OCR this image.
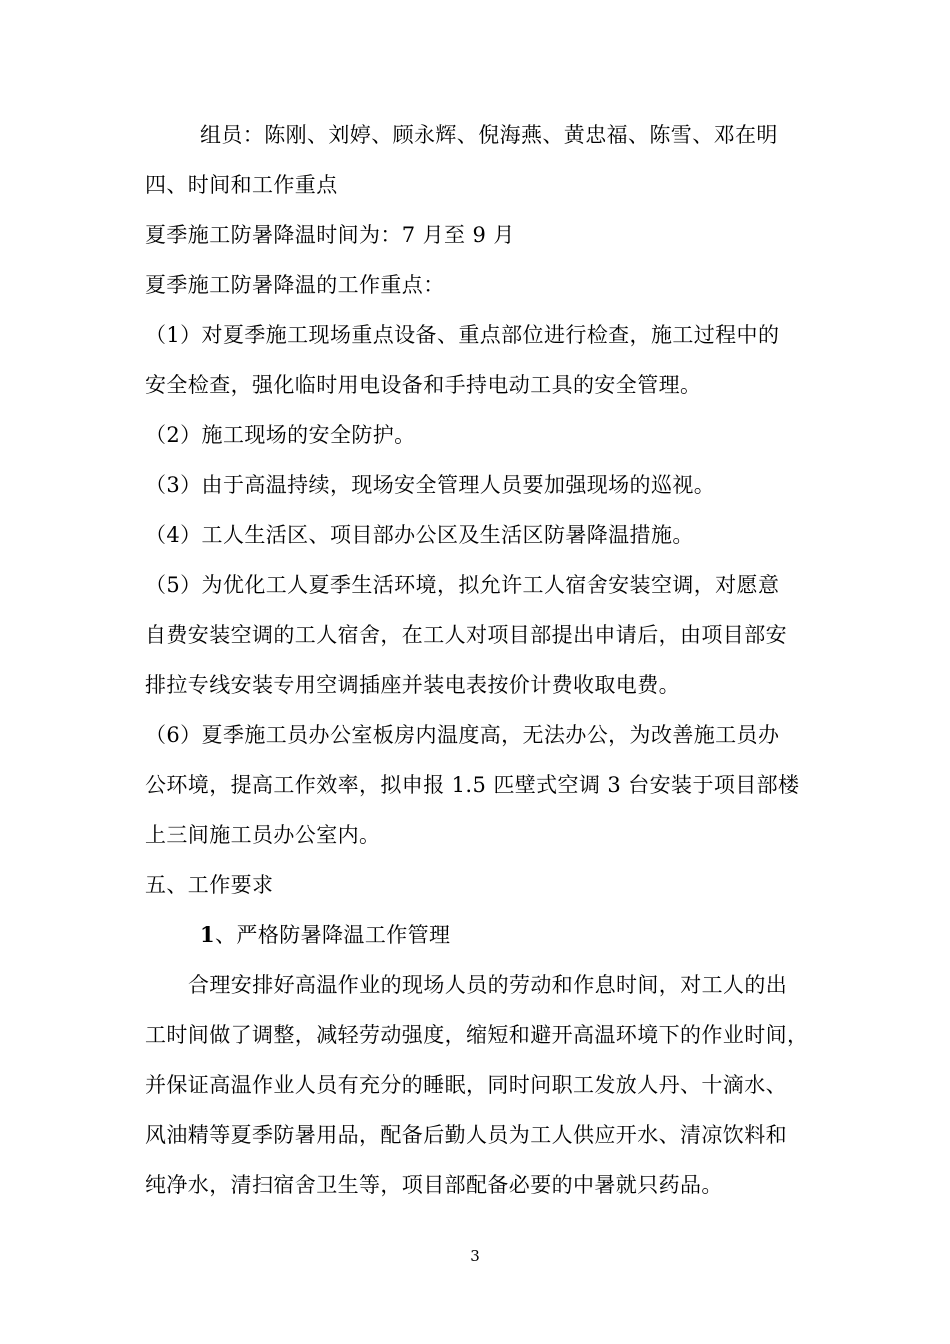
组员：陈刚、刘婷、顾永辉、倪海燕、黄忠福、陈雪、邓在明
四、时间和工作重点
夏季施工防暑降温时间为：7 月至 9 月
夏季施工防暑降温的工作重点：
（1）对夏季施工现场重点设备、重点部位进行检查，施工过程中的
安全检查，强化临时用电设备和手持电动工具的安全管理。
（2）施工现场的安全防护。
（3）由于高温持续，现场安全管理人员要加强现场的巡视。
（4）工人生活区、项目部办公区及生活区防暑降温措施。
（5）为优化工人夏季生活环境，拟允许工人宿舍安装空调，对愿意
自费安装空调的工人宿舍，在工人对项目部提出申请后，由项目部安
排拉专线安装专用空调插座并装电表按价计费收取电费。
（6）夏季施工员办公室板房内温度高，无法办公，为改善施工员办
公环境，提高工作效率，拟申报 1.5 匹壁式空调 3 台安装于项目部楼
上三间施工员办公室内。
五、工作要求
1、严格防暑降温工作管理
合理安排好高温作业的现场人员的劳动和作息时间，对工人的出
工时间做了调整，减轻劳动强度，缩短和避开高温环境下的作业时间，
并保证高温作业人员有充分的睡眠，同时问职工发放人丹、十滴水、
风油精等夏季防暑用品，配备后勤人员为工人供应开水、清凉饮料和
纯净水，清扫宿舍卫生等，项目部配备必要的中暑就只药品。
3
